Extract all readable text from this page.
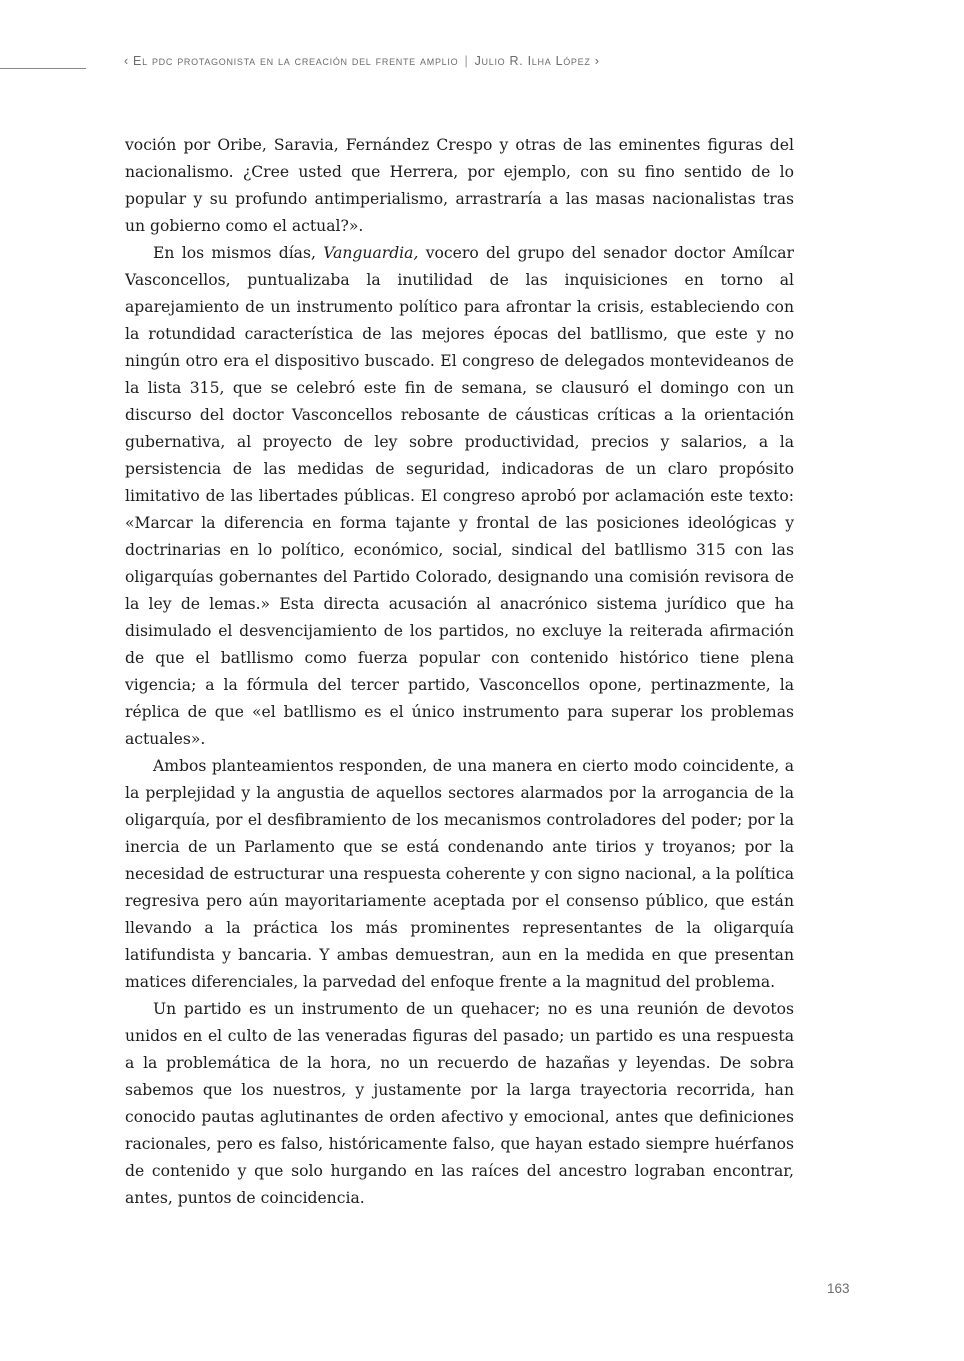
‹ El pdc protagonista en la creación del frente amplio | Julio R. Ilha López ›

voción por Oribe, Saravia, Fernández Crespo y otras de las eminentes figuras del nacionalismo. ¿Cree usted que Herrera, por ejemplo, con su fino sentido de lo popular y su profundo antimperialismo, arrastraría a las masas nacionalistas tras un gobierno como el actual?».

En los mismos días, Vanguardia, vocero del grupo del senador doctor Amílcar Vasconcellos, puntualizaba la inutilidad de las inquisiciones en torno al aparejamiento de un instrumento político para afrontar la crisis, estableciendo con la rotundidad característica de las mejores épocas del batllismo, que este y no ningún otro era el dispositivo buscado. El congreso de delegados montevideanos de la lista 315, que se celebró este fin de semana, se clausuró el domingo con un discurso del doctor Vasconcellos rebosante de cáusticas críticas a la orientación gubernativa, al proyecto de ley sobre productividad, precios y salarios, a la persistencia de las medidas de seguridad, indicadoras de un claro propósito limitativo de las libertades públicas. El congreso aprobó por aclamación este texto: «Marcar la diferencia en forma tajante y frontal de las posiciones ideológicas y doctrinarias en lo político, económico, social, sindical del batllismo 315 con las oligarquías gobernantes del Partido Colorado, designando una comisión revisora de la ley de lemas.» Esta directa acusación al anacrónico sistema jurídico que ha disimulado el desvencijamiento de los partidos, no excluye la reiterada afirmación de que el batllismo como fuerza popular con contenido histórico tiene plena vigencia; a la fórmula del tercer partido, Vasconcellos opone, pertinazmente, la réplica de que «el batllismo es el único instrumento para superar los problemas actuales».

Ambos planteamientos responden, de una manera en cierto modo coincidente, a la perplejidad y la angustia de aquellos sectores alarmados por la arrogancia de la oligarquía, por el desfibramiento de los mecanismos controladores del poder; por la inercia de un Parlamento que se está condenando ante tirios y troyanos; por la necesidad de estructurar una respuesta coherente y con signo nacional, a la política regresiva pero aún mayoritariamente aceptada por el consenso público, que están llevando a la práctica los más prominentes representantes de la oligarquía latifundista y bancaria. Y ambas demuestran, aun en la medida en que presentan matices diferenciales, la parvedad del enfoque frente a la magnitud del problema.

Un partido es un instrumento de un quehacer; no es una reunión de devotos unidos en el culto de las veneradas figuras del pasado; un partido es una respuesta a la problemática de la hora, no un recuerdo de hazañas y leyendas. De sobra sabemos que los nuestros, y justamente por la larga trayectoria recorrida, han conocido pautas aglutinantes de orden afectivo y emocional, antes que definiciones racionales, pero es falso, históricamente falso, que hayan estado siempre huérfanos de contenido y que solo hurgando en las raíces del ancestro lograban encontrar, antes, puntos de coincidencia.

163
